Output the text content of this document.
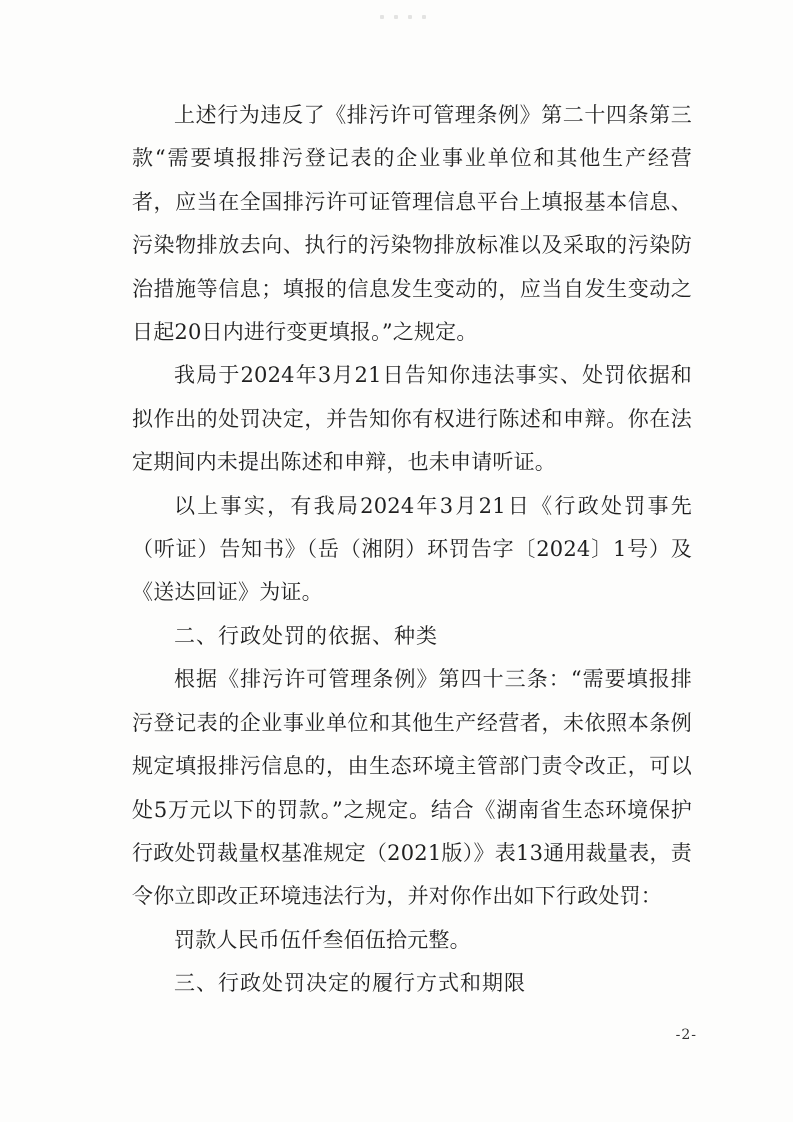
上述行为违反了《排污许可管理条例》第二十四条第三款“需要填报排污登记表的企业事业单位和其他生产经营者，应当在全国排污许可证管理信息平台上填报基本信息、污染物排放去向、执行的污染物排放标准以及采取的污染防治措施等信息；填报的信息发生变动的，应当自发生变动之日起20日内进行变更填报。”之规定。

我局于2024年3月21日告知你违法事实、处罚依据和拟作出的处罚决定，并告知你有权进行陈述和申辩。你在法定期间内未提出陈述和申辩，也未申请听证。

以上事实，有我局2024年3月21日《行政处罚事先（听证）告知书》（岳（湘阴）环罚告字〔2024〕1号）及《送达回证》为证。

二、行政处罚的依据、种类

根据《排污许可管理条例》第四十三条：“需要填报排污登记表的企业事业单位和其他生产经营者，未依照本条例规定填报排污信息的，由生态环境主管部门责令改正，可以处5万元以下的罚款。”之规定。结合《湖南省生态环境保护行政处罚裁量权基准规定（2021版）》表13通用裁量表，责令你立即改正环境违法行为，并对你作出如下行政处罚：

罚款人民币伍仟叁佰伍拾元整。

三、行政处罚决定的履行方式和期限

-2-
